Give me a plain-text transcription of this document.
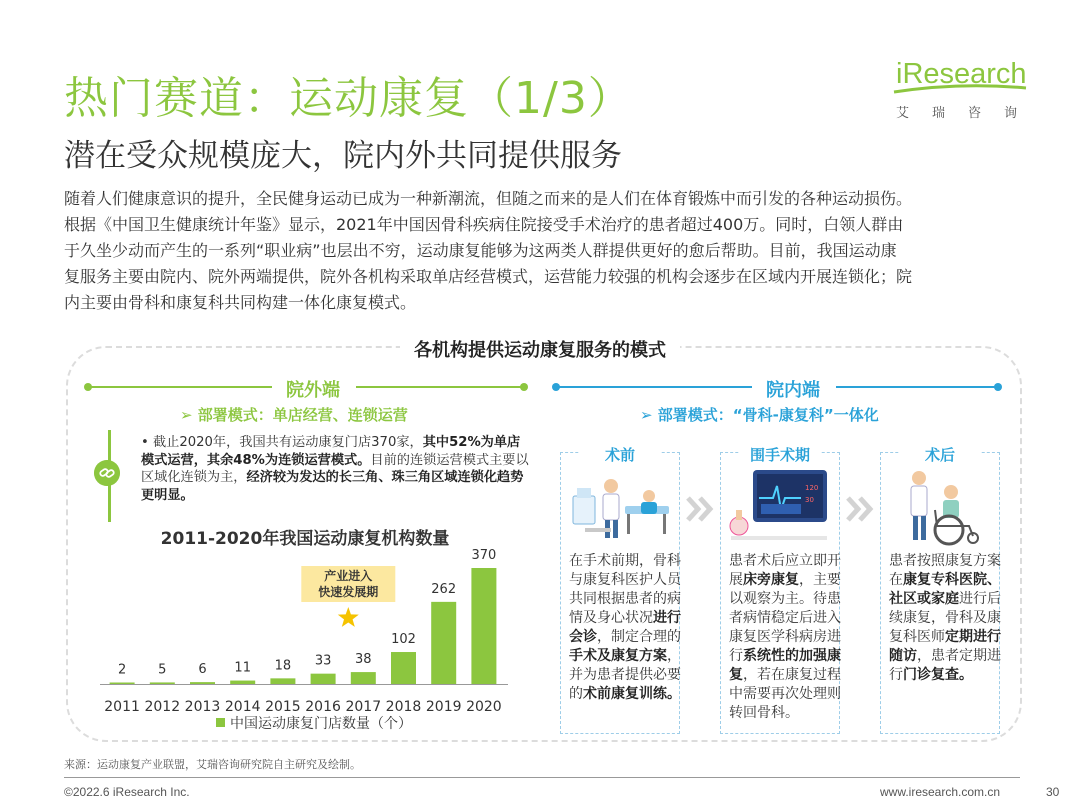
热门赛道：运动康复（1/3）
潜在受众规模庞大，院内外共同提供服务
iResearch
艾瑞咨询
随着人们健康意识的提升，全民健身运动已成为一种新潮流，但随之而来的是人们在体育锻炼中而引发的各种运动损伤。
根据《中国卫生健康统计年鉴》显示，2021年中国因骨科疾病住院接受手术治疗的患者超过400万。同时，白领人群由
于久坐少动而产生的一系列“职业病”也层出不穷，运动康复能够为这两类人群提供更好的愈后帮助。目前，我国运动康
复服务主要由院内、院外两端提供，院外各机构采取单店经营模式，运营能力较强的机构会逐步在区域内开展连锁化；院
内主要由骨科和康复科共同构建一体化康复模式。
各机构提供运动康复服务的模式
院外端
➢ 部署模式：单店经营、连锁运营
• 截止2020年，我国共有运动康复门店370家，其中52%为单店模式运营，其余48%为连锁运营模式。目前的连锁运营模式主要以区域化连锁为主，经济较为发达的长三角、珠三角区域连锁化趋势更明显。
2011-2020年我国运动康复机构数量
2
2011
5
2012
6
2013
11
2014
18
2015
33
2016
38
2017
102
2018
262
2019
370
2020
产业进入
快速发展期
中国运动康复门店数量（个）
院内端
➢ 部署模式：“骨科-康复科”一体化
术前
在手术前期，骨科与康复科医护人员共同根据患者的病情及身心状况进行会诊，制定合理的手术及康复方案，并为患者提供必要的术前康复训练。
围手术期
120
30
患者术后应立即开展床旁康复，主要以观察为主。待患者病情稳定后进入康复医学科病房进行系统性的加强康复，若在康复过程中需要再次处理则转回骨科。
术后
患者按照康复方案在康复专科医院、社区或家庭进行后续康复，骨科及康复科医师定期进行随访，患者定期进行门诊复查。
来源：运动康复产业联盟，艾瑞咨询研究院自主研究及绘制。
©2022.6 iResearch Inc.	www.iresearch.com.cn	30
